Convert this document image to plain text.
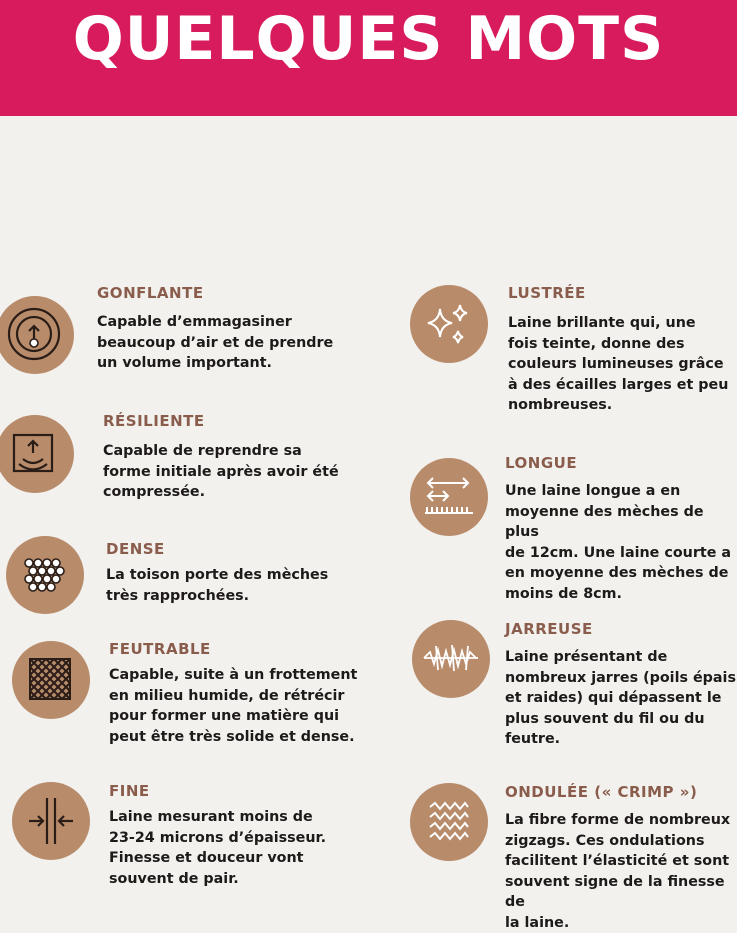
QUELQUES MOTS
GONFLANTE

Capable d’emmagasiner
beaucoup d’air et de prendre
un volume important.

RÉSILIENTE

Capable de reprendre sa
forme initiale après avoir été
compressée.

DENSE

La toison porte des mèches
très rapprochées.

FEUTRABLE

Capable, suite à un frottement
en milieu humide, de rétrécir
pour former une matière qui
peut être très solide et dense.

FINE

Laine mesurant moins de
23-24 microns d’épaisseur.
Finesse et douceur vont
souvent de pair.

LUSTRÉE

Laine brillante qui, une
fois teinte, donne des
couleurs lumineuses grâce
à des écailles larges et peu
nombreuses.

LONGUE

Une laine longue a en
moyenne des mèches de plus
de 12cm. Une laine courte a
en moyenne des mèches de
moins de 8cm.

JARREUSE

Laine présentant de
nombreux jarres (poils épais
et raides) qui dépassent le
plus souvent du fil ou du
feutre.

ONDULÉE (« CRIMP »)

La fibre forme de nombreux
zigzags. Ces ondulations
facilitent l’élasticité et sont
souvent signe de la finesse de
la laine.
